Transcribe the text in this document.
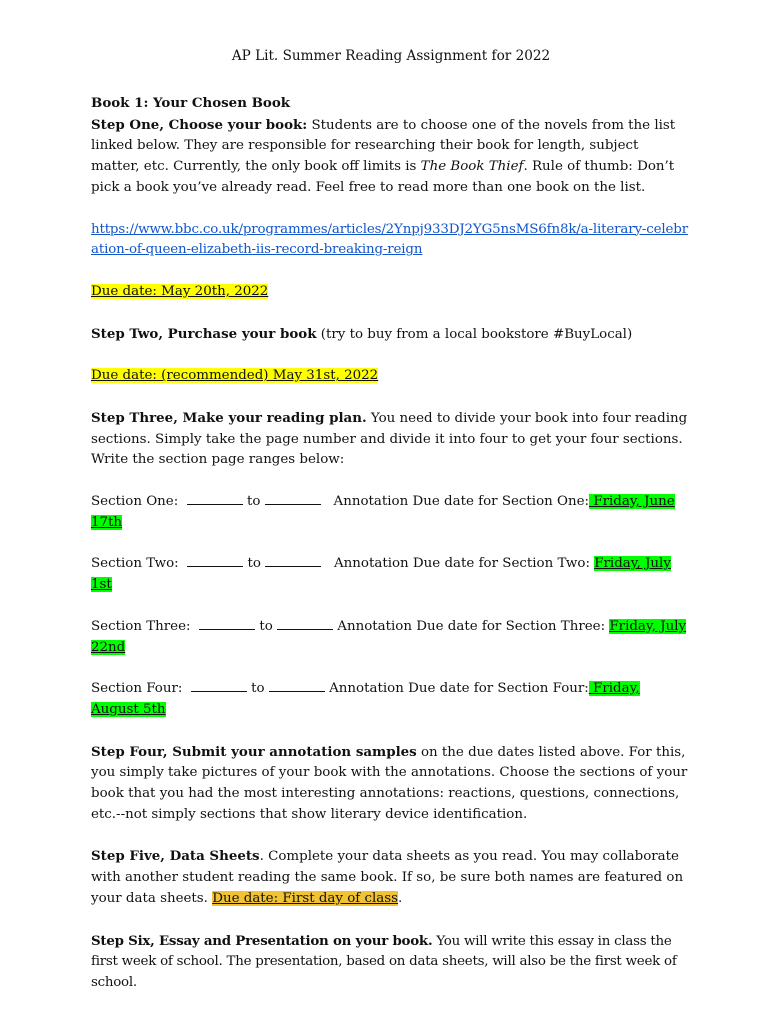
AP Lit. Summer Reading Assignment for 2022

Book 1: Your Chosen Book

Step One, Choose your book: Students are to choose one of the novels from the list linked below. They are responsible for researching their book for length, subject matter, etc. Currently, the only book off limits is The Book Thief. Rule of thumb: Don’t pick a book you’ve already read. Feel free to read more than one book on the list.

https://www.bbc.co.uk/programmes/articles/2Ynpj933DJ2YG5nsMS6fn8k/a-literary-celebration-of-queen-elizabeth-iis-record-breaking-reign

Due date: May 20th, 2022

Step Two, Purchase your book (try to buy from a local bookstore #BuyLocal)

Due date: (recommended) May 31st, 2022

Step Three, Make your reading plan. You need to divide your book into four reading sections. Simply take the page number and divide it into four to get your four sections. Write the section page ranges below:

Section One:	to	Annotation Due date for Section One: Friday, June 17th

Section Two:	to	Annotation Due date for Section Two: Friday, July 1st

Section Three:	to	Annotation Due date for Section Three: Friday, July 22nd

Section Four:	to	Annotation Due date for Section Four: Friday, August 5th

Step Four, Submit your annotation samples on the due dates listed above. For this, you simply take pictures of your book with the annotations. Choose the sections of your book that you had the most interesting annotations: reactions, questions, connections, etc.--not simply sections that show literary device identification.

Step Five, Data Sheets. Complete your data sheets as you read. You may collaborate with another student reading the same book. If so, be sure both names are featured on your data sheets. Due date: First day of class.

Step Six, Essay and Presentation on your book. You will write this essay in class the first week of school. The presentation, based on data sheets, will also be the first week of school.
